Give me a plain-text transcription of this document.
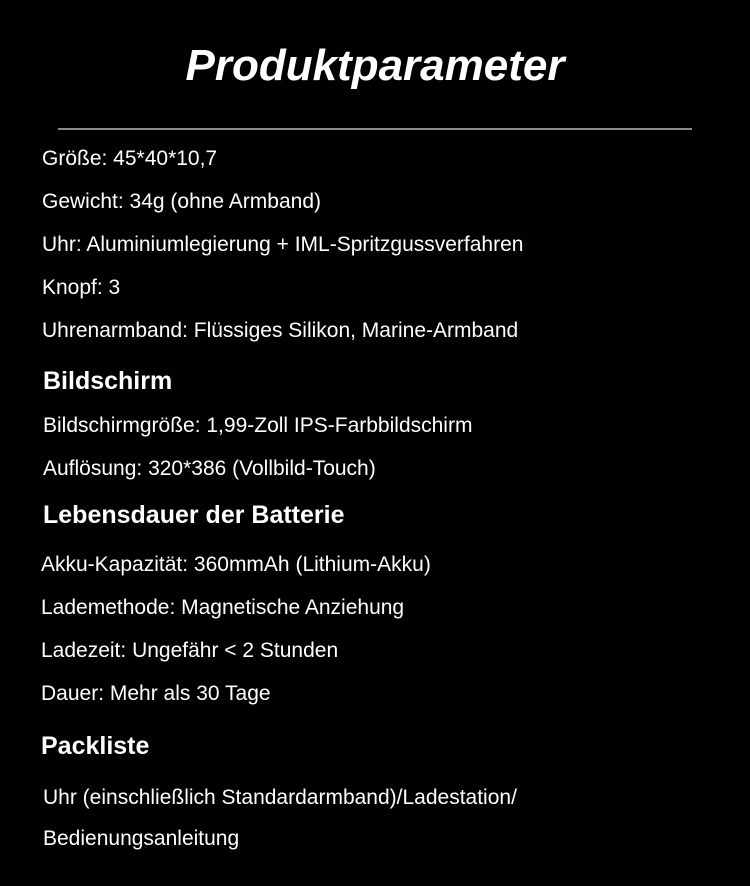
Produktparameter
Größe: 45*40*10,7
Gewicht: 34g (ohne Armband)
Uhr: Aluminiumlegierung + IML-Spritzgussverfahren
Knopf: 3
Uhrenarmband: Flüssiges Silikon, Marine-Armband
Bildschirm
Bildschirmgröße: 1,99-Zoll IPS-Farbbildschirm
Auflösung: 320*386 (Vollbild-Touch)
Lebensdauer der Batterie
Akku-Kapazität: 360mmAh (Lithium-Akku)
Lademethode: Magnetische Anziehung
Ladezeit: Ungefähr < 2 Stunden
Dauer: Mehr als 30 Tage
Packliste
Uhr (einschließlich Standardarmband)/Ladestation/
Bedienungsanleitung
